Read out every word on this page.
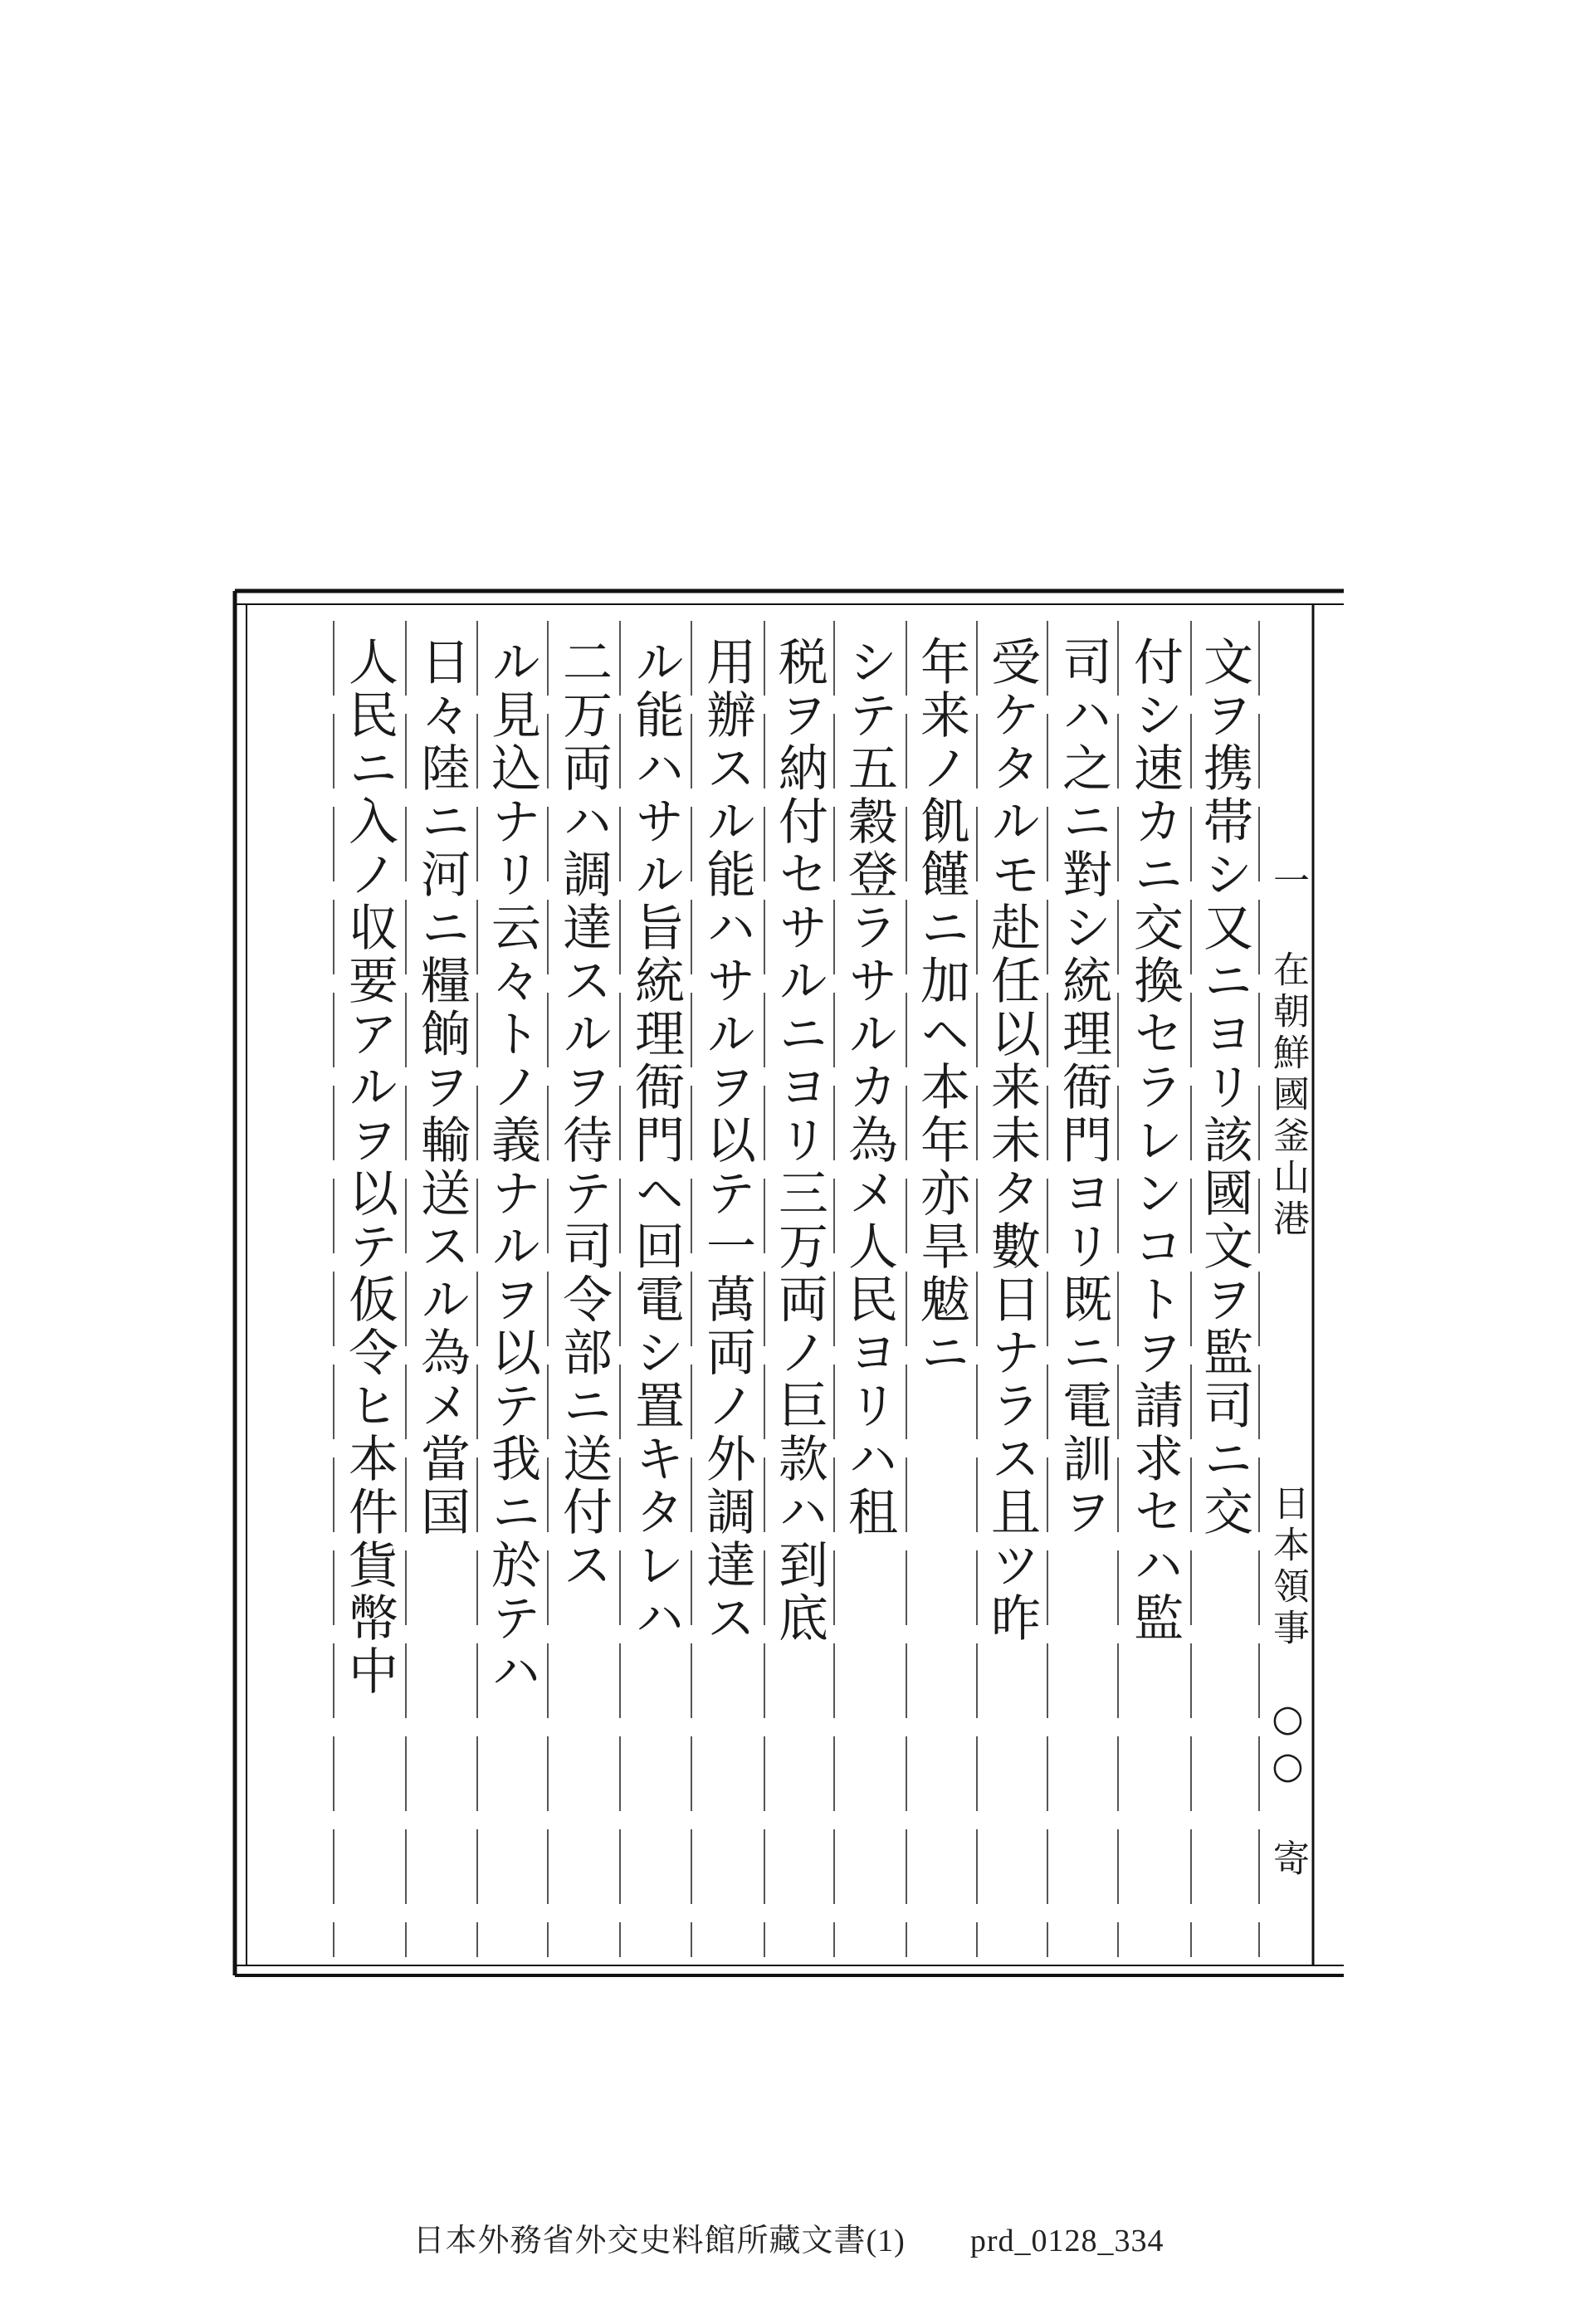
文ヲ携帯シ又ニヨリ該國文ヲ監司ニ交
付シ速カニ交換セラレンコトヲ請求セハ監
司ハ之ニ對シ統理衙門ヨリ既ニ電訓ヲ
受ケタルモ赴任以来未タ數日ナラス且ツ昨
年来ノ飢饉ニ加ヘ本年亦旱魃ニ
シテ五穀登ラサルカ為メ人民ヨリハ租
税ヲ納付セサルニヨリ三万両ノ巨款ハ到底
用辦スル能ハサルヲ以テ一萬両ノ外調達ス
ル能ハサル旨統理衙門ヘ回電シ置キタレハ
二万両ハ調達スルヲ待テ司令部ニ送付ス
ル見込ナリ云々トノ義ナルヲ以テ我ニ於テハ
日々陸ニ河ニ糧餉ヲ輸送スル為メ當国
人民ニ入ノ収要アルヲ以テ仮令ヒ本件貨幣中	一 在朝鮮國釜山港
日本領事 ○○ 寄
日本外務省外交史料館所藏文書(1) prd_0128_334
